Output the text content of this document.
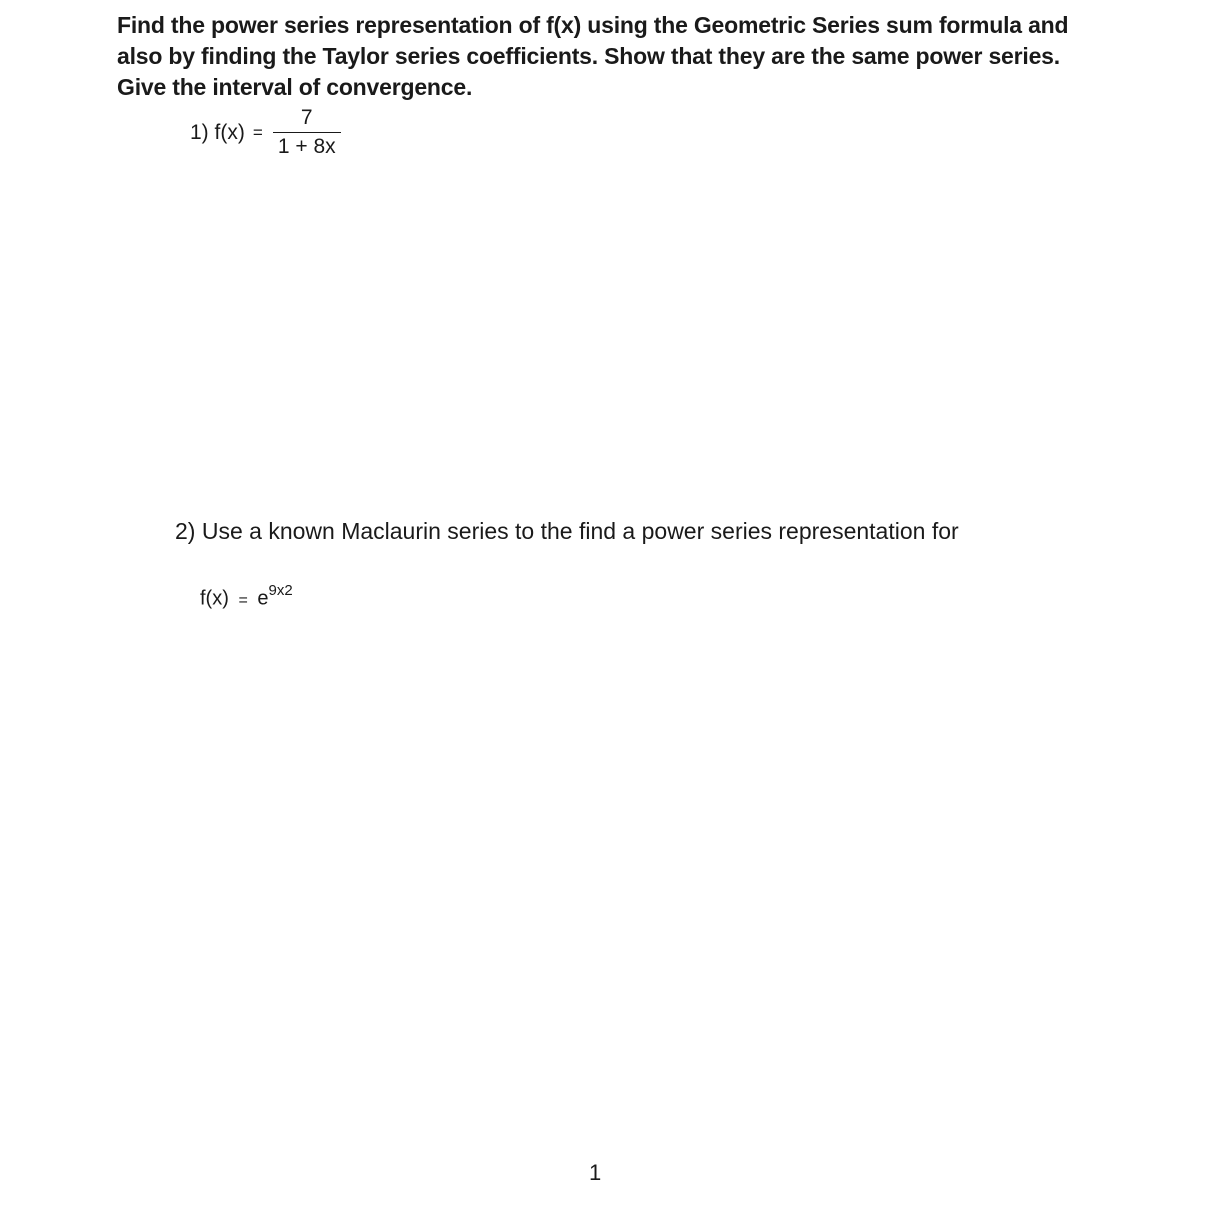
Find the power series representation of f(x) using the Geometric Series sum formula and
also by finding the Taylor series coefficients. Show that they are the same power series.
Give the interval of convergence.
1) $f(x) = \frac{7}{1 + 8x}$
2) Use a known Maclaurin series to the find a power series representation for
$f(x) = e^{9x2}$
1
